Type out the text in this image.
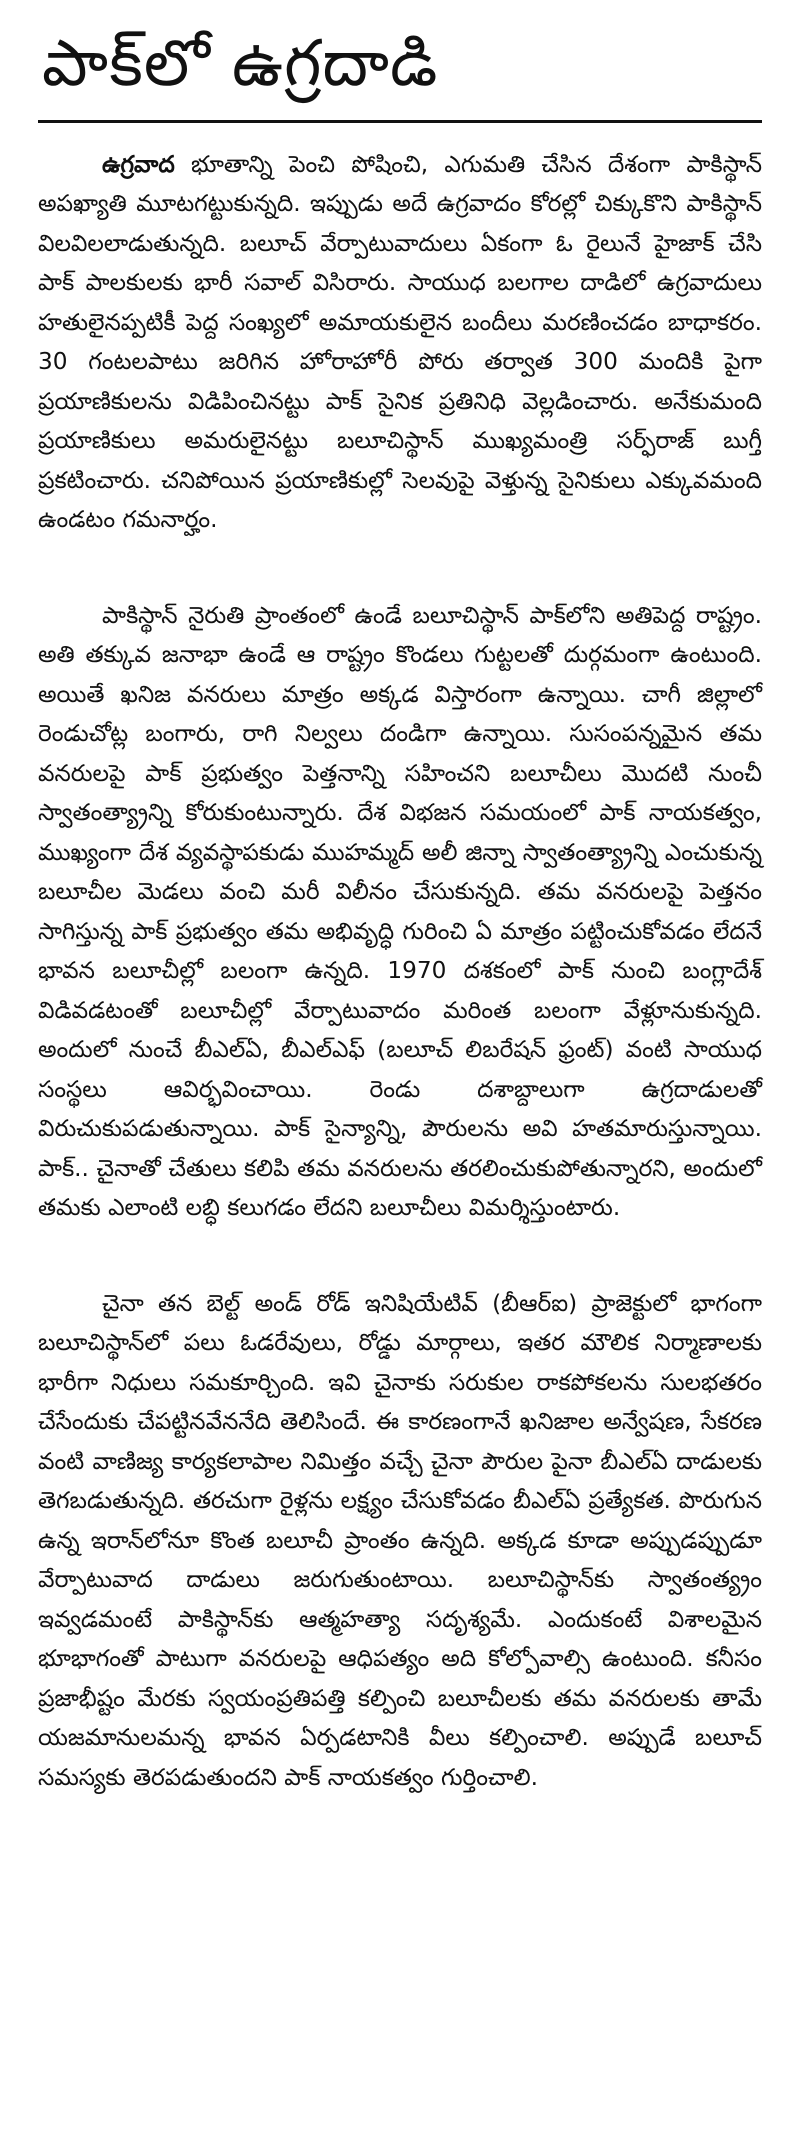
పాక్‌లో ఉగ్రదాడి

ఉగ్రవాద భూతాన్ని పెంచి పోషించి, ఎగుమతి చేసిన దేశంగా పాకిస్థాన్ అపఖ్యాతి మూటగట్టుకున్నది. ఇప్పుడు అదే ఉగ్రవాదం కోరల్లో చిక్కుకొని పాకిస్థాన్ విలవిలలాడుతున్నది. బలూచ్ వేర్పాటువాదులు ఏకంగా ఓ రైలునే హైజాక్ చేసి పాక్ పాలకులకు భారీ సవాల్ విసిరారు. సాయుధ బలగాల దాడిలో ఉగ్రవాదులు హతులైనప్పటికీ పెద్ద సంఖ్యలో అమాయకులైన బందీలు మరణించడం బాధాకరం. 30 గంటలపాటు జరిగిన హోరాహోరీ పోరు తర్వాత 300 మందికి పైగా ప్రయాణికులను విడిపించినట్టు పాక్ సైనిక ప్రతినిధి వెల్లడించారు. అనేకుమంది ప్రయాణికులు అమరులైనట్టు బలూచిస్థాన్ ముఖ్యమంత్రి సర్ఫ్‌రాజ్ బుగ్తీ ప్రకటించారు. చనిపోయిన ప్రయాణికుల్లో సెలవుపై వెళ్తున్న సైనికులు ఎక్కువమంది ఉండటం గమనార్హం.

పాకిస్థాన్ నైరుతి ప్రాంతంలో ఉండే బలూచిస్థాన్ పాక్‌లోని అతిపెద్ద రాష్ట్రం. అతి తక్కువ జనాభా ఉండే ఆ రాష్ట్రం కొండలు గుట్టలతో దుర్గమంగా ఉంటుంది. అయితే ఖనిజ వనరులు మాత్రం అక్కడ విస్తారంగా ఉన్నాయి. చాగీ జిల్లాలో రెండుచోట్ల బంగారు, రాగి నిల్వలు దండిగా ఉన్నాయి. సుసంపన్నమైన తమ వనరులపై పాక్ ప్రభుత్వం పెత్తనాన్ని సహించని బలూచీలు మొదటి నుంచీ స్వాతంత్య్రాన్ని కోరుకుంటున్నారు. దేశ విభజన సమయంలో పాక్ నాయకత్వం, ముఖ్యంగా దేశ వ్యవస్థాపకుడు ముహమ్మద్ అలీ జిన్నా స్వాతంత్య్రాన్ని ఎంచుకున్న బలూచీల మెడలు వంచి మరీ విలీనం చేసుకున్నది. తమ వనరులపై పెత్తనం సాగిస్తున్న పాక్ ప్రభుత్వం తమ అభివృద్ధి గురించి ఏ మాత్రం పట్టించుకోవడం లేదనే భావన బలూచీల్లో బలంగా ఉన్నది. 1970 దశకంలో పాక్ నుంచి బంగ్లాదేశ్ విడివడటంతో బలూచీల్లో వేర్పాటువాదం మరింత బలంగా వేళ్లూనుకున్నది. అందులో నుంచే బీఎల్ఏ, బీఎల్ఎఫ్ (బలూచ్ లిబరేషన్ ఫ్రంట్) వంటి సాయుధ సంస్థలు ఆవిర్భవించాయి. రెండు దశాబ్దాలుగా ఉగ్రదాడులతో విరుచుకుపడుతున్నాయి. పాక్ సైన్యాన్ని, పౌరులను అవి హతమారుస్తున్నాయి. పాక్.. చైనాతో చేతులు కలిపి తమ వనరులను తరలించుకుపోతున్నారని, అందులో తమకు ఎలాంటి లబ్ధి కలుగడం లేదని బలూచీలు విమర్శిస్తుంటారు.

చైనా తన బెల్ట్ అండ్ రోడ్ ఇనిషియేటివ్ (బీఆర్ఐ) ప్రాజెక్టులో భాగంగా బలూచిస్థాన్‌లో పలు ఓడరేవులు, రోడ్డు మార్గాలు, ఇతర మౌలిక నిర్మాణాలకు భారీగా నిధులు సమకూర్చింది. ఇవి చైనాకు సరుకుల రాకపోకలను సులభతరం చేసేందుకు చేపట్టినవేననేది తెలిసిందే. ఈ కారణంగానే ఖనిజాల అన్వేషణ, సేకరణ వంటి వాణిజ్య కార్యకలాపాల నిమిత్తం వచ్చే చైనా పౌరుల పైనా బీఎల్ఏ దాడులకు తెగబడుతున్నది. తరచుగా రైళ్లను లక్ష్యం చేసుకోవడం బీఎల్ఏ ప్రత్యేకత. పొరుగున ఉన్న ఇరాన్‌లోనూ కొంత బలూచీ ప్రాంతం ఉన్నది. అక్కడ కూడా అప్పుడప్పుడూ వేర్పాటువాద దాడులు జరుగుతుంటాయి. బలూచిస్థాన్‌కు స్వాతంత్య్రం ఇవ్వడమంటే పాకిస్థాన్‌కు ఆత్మహత్యా సదృశ్యమే. ఎందుకంటే విశాలమైన భూభాగంతో పాటుగా వనరులపై ఆధిపత్యం అది కోల్పోవాల్సి ఉంటుంది. కనీసం ప్రజాభీష్టం మేరకు స్వయంప్రతిపత్తి కల్పించి బలూచీలకు తమ వనరులకు తామే యజమానులమన్న భావన ఏర్పడటానికి వీలు కల్పించాలి. అప్పుడే బలూచ్ సమస్యకు తెరపడుతుందని పాక్ నాయకత్వం గుర్తించాలి.
